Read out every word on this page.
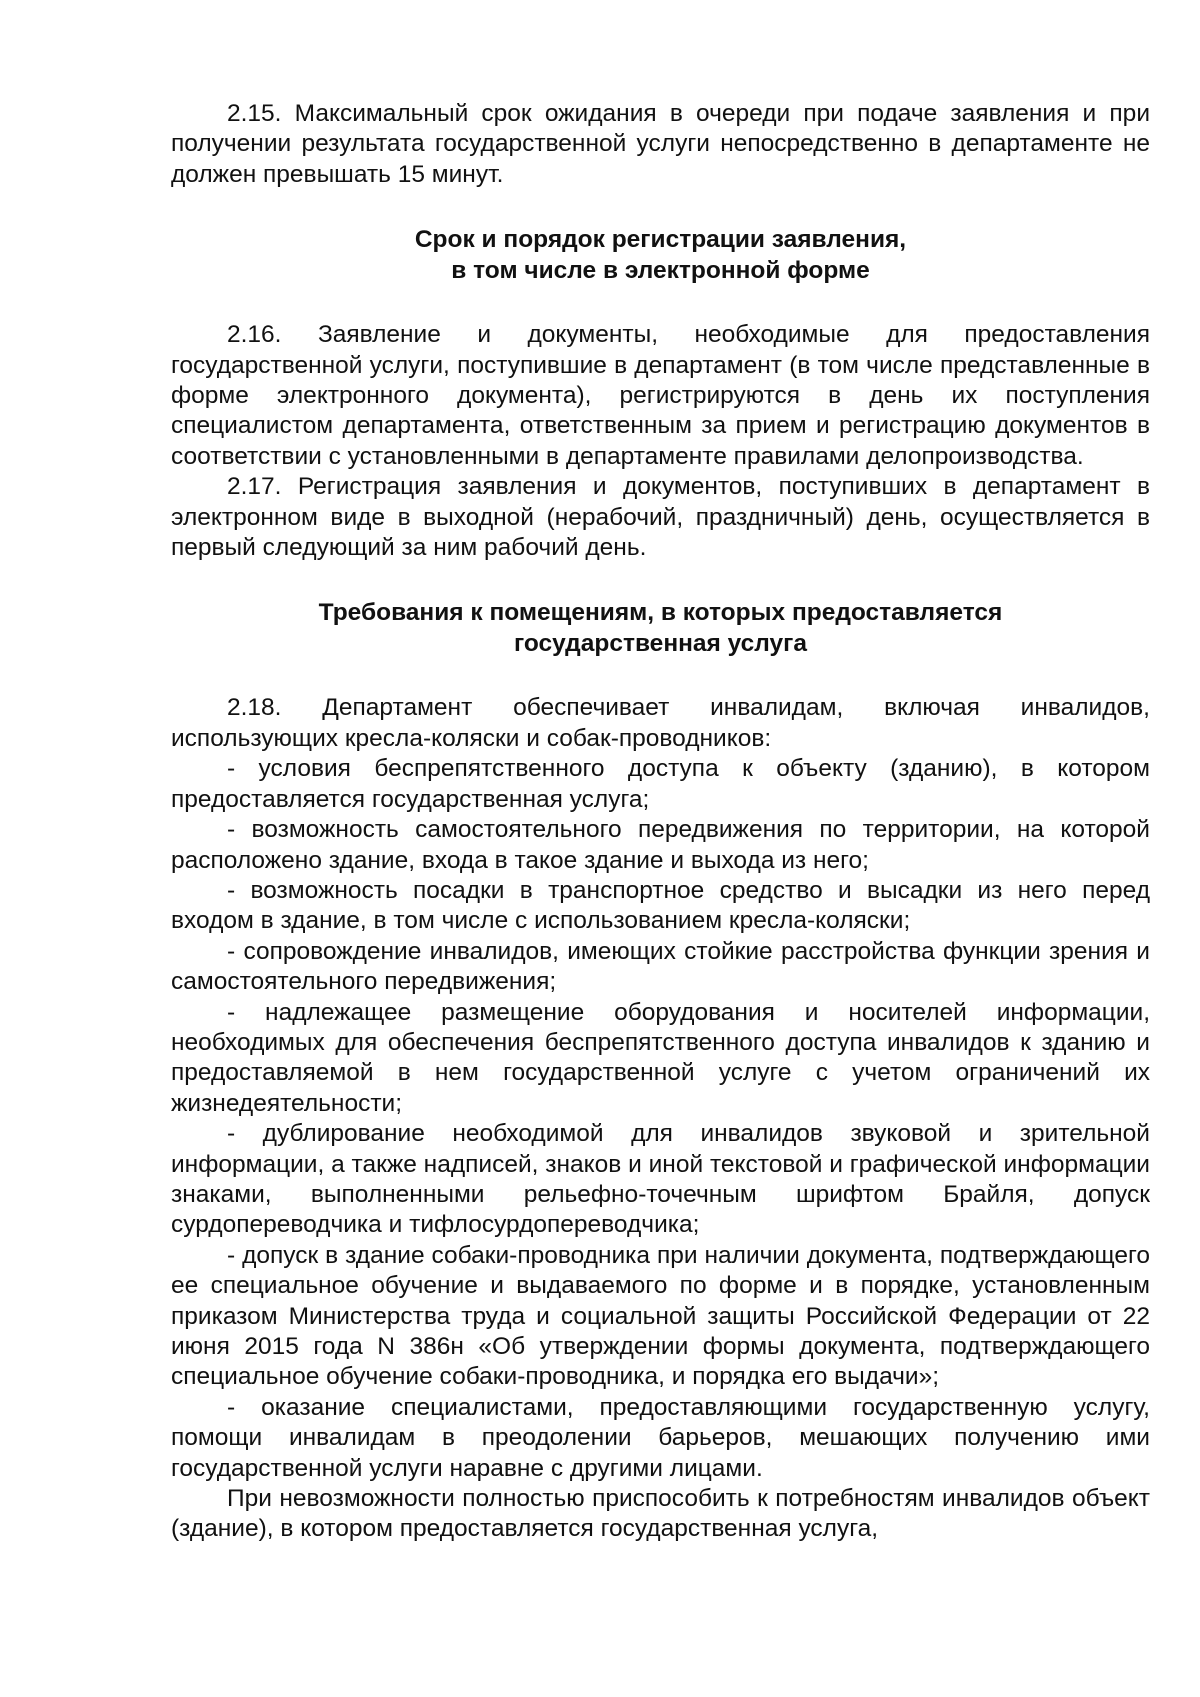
2.15. Максимальный срок ожидания в очереди при подаче заявления и при получении результата государственной услуги непосредственно в департаменте не должен превышать 15 минут.

Срок и порядок регистрации заявления,
в том числе в электронной форме

2.16. Заявление и документы, необходимые для предоставления государственной услуги, поступившие в департамент (в том числе представленные в форме электронного документа), регистрируются в день их поступления специалистом департамента, ответственным за прием и регистрацию документов в соответствии с установленными в департаменте правилами делопроизводства.

2.17. Регистрация заявления и документов, поступивших в департамент в электронном виде в выходной (нерабочий, праздничный) день, осуществляется в первый следующий за ним рабочий день.

Требования к помещениям, в которых предоставляется
государственная услуга

2.18. Департамент обеспечивает инвалидам, включая инвалидов, использующих кресла-коляски и собак-проводников:

- условия беспрепятственного доступа к объекту (зданию), в котором предоставляется государственная услуга;

- возможность самостоятельного передвижения по территории, на которой расположено здание, входа в такое здание и выхода из него;

- возможность посадки в транспортное средство и высадки из него перед входом в здание, в том числе с использованием кресла-коляски;

- сопровождение инвалидов, имеющих стойкие расстройства функции зрения и самостоятельного передвижения;

- надлежащее размещение оборудования и носителей информации, необходимых для обеспечения беспрепятственного доступа инвалидов к зданию и предоставляемой в нем государственной услуге с учетом ограничений их жизнедеятельности;

- дублирование необходимой для инвалидов звуковой и зрительной информации, а также надписей, знаков и иной текстовой и графической информации знаками, выполненными рельефно-точечным шрифтом Брайля, допуск сурдопереводчика и тифлосурдопереводчика;

- допуск в здание собаки-проводника при наличии документа, подтверждающего ее специальное обучение и выдаваемого по форме и в порядке, установленным приказом Министерства труда и социальной защиты Российской Федерации от 22 июня 2015 года N 386н «Об утверждении формы документа, подтверждающего специальное обучение собаки-проводника, и порядка его выдачи»;

- оказание специалистами, предоставляющими государственную услугу, помощи инвалидам в преодолении барьеров, мешающих получению ими государственной услуги наравне с другими лицами.

При невозможности полностью приспособить к потребностям инвалидов объект (здание), в котором предоставляется государственная услуга,
